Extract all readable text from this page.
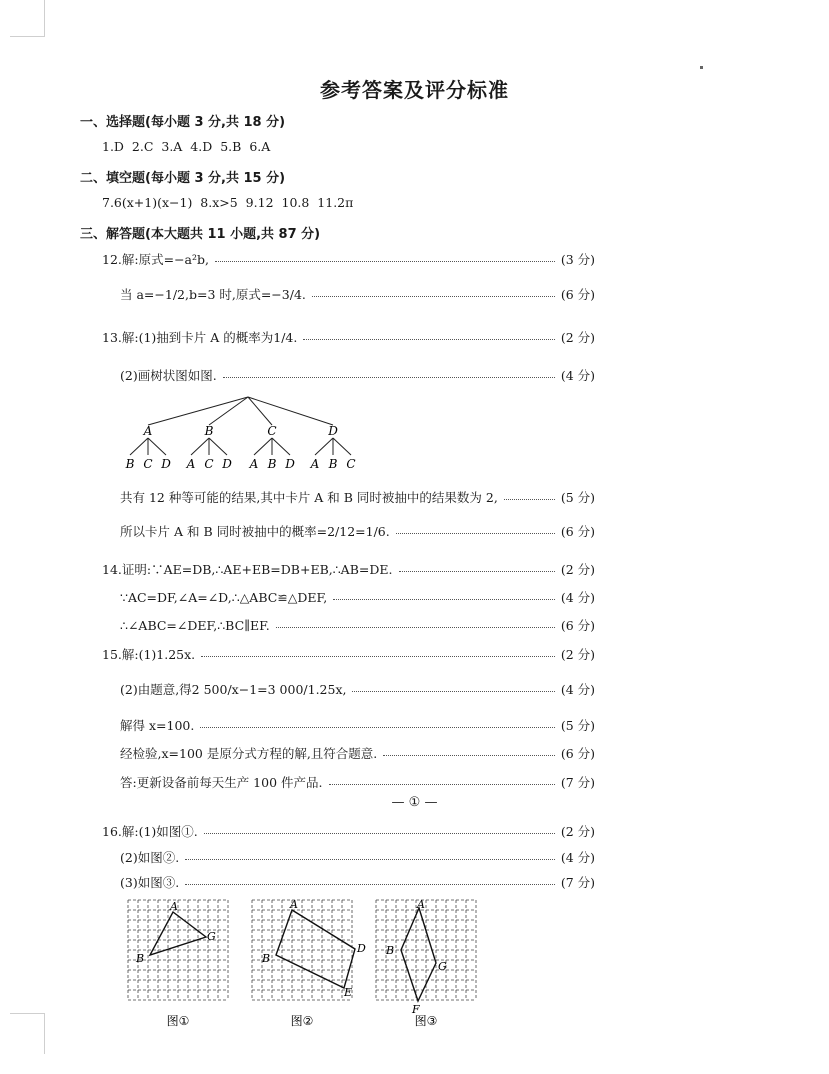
参考答案及评分标准
一、选择题(每小题 3 分,共 18 分)
1.D 2.C 3.A 4.D 5.B 6.A
二、填空题(每小题 3 分,共 15 分)
7.6(x+1)(x−1) 8.x>5 9.12 10.8 11.2π
三、解答题(本大题共 11 小题,共 87 分)
12.解:原式=−a²b,	(3 分)
当 a=−1/2,b=3 时,原式=−3/4.	(6 分)
13.解:(1)抽到卡片 A 的概率为1/4.	(2 分)
(2)画树状图如图.	(4 分)
A
B C D
B
A C D
C
A B D
D
A B C
共有 12 种等可能的结果,其中卡片 A 和 B 同时被抽中的结果数为 2,	(5 分)
所以卡片 A 和 B 同时被抽中的概率=2/12=1/6.	(6 分)
14.证明:∵AE=DB,∴AE+EB=DB+EB,∴AB=DE.	(2 分)
∵AC=DF,∠A=∠D,∴△ABC≌△DEF,	(4 分)
∴∠ABC=∠DEF,∴BC∥EF.	(6 分)
15.解:(1)1.25x.	(2 分)
(2)由题意,得2 500/x−1=3 000/1.25x,	(4 分)
解得 x=100.	(5 分)
经检验,x=100 是原分式方程的解,且符合题意.	(6 分)
答:更新设备前每天生产 100 件产品.	(7 分)
— ① —
16.解:(1)如图①.	(2 分)
(2)如图②.	(4 分)
(3)如图③.	(7 分)
A
G
B
图①
A
D
E
B
图②
A
B
G
F
图③
